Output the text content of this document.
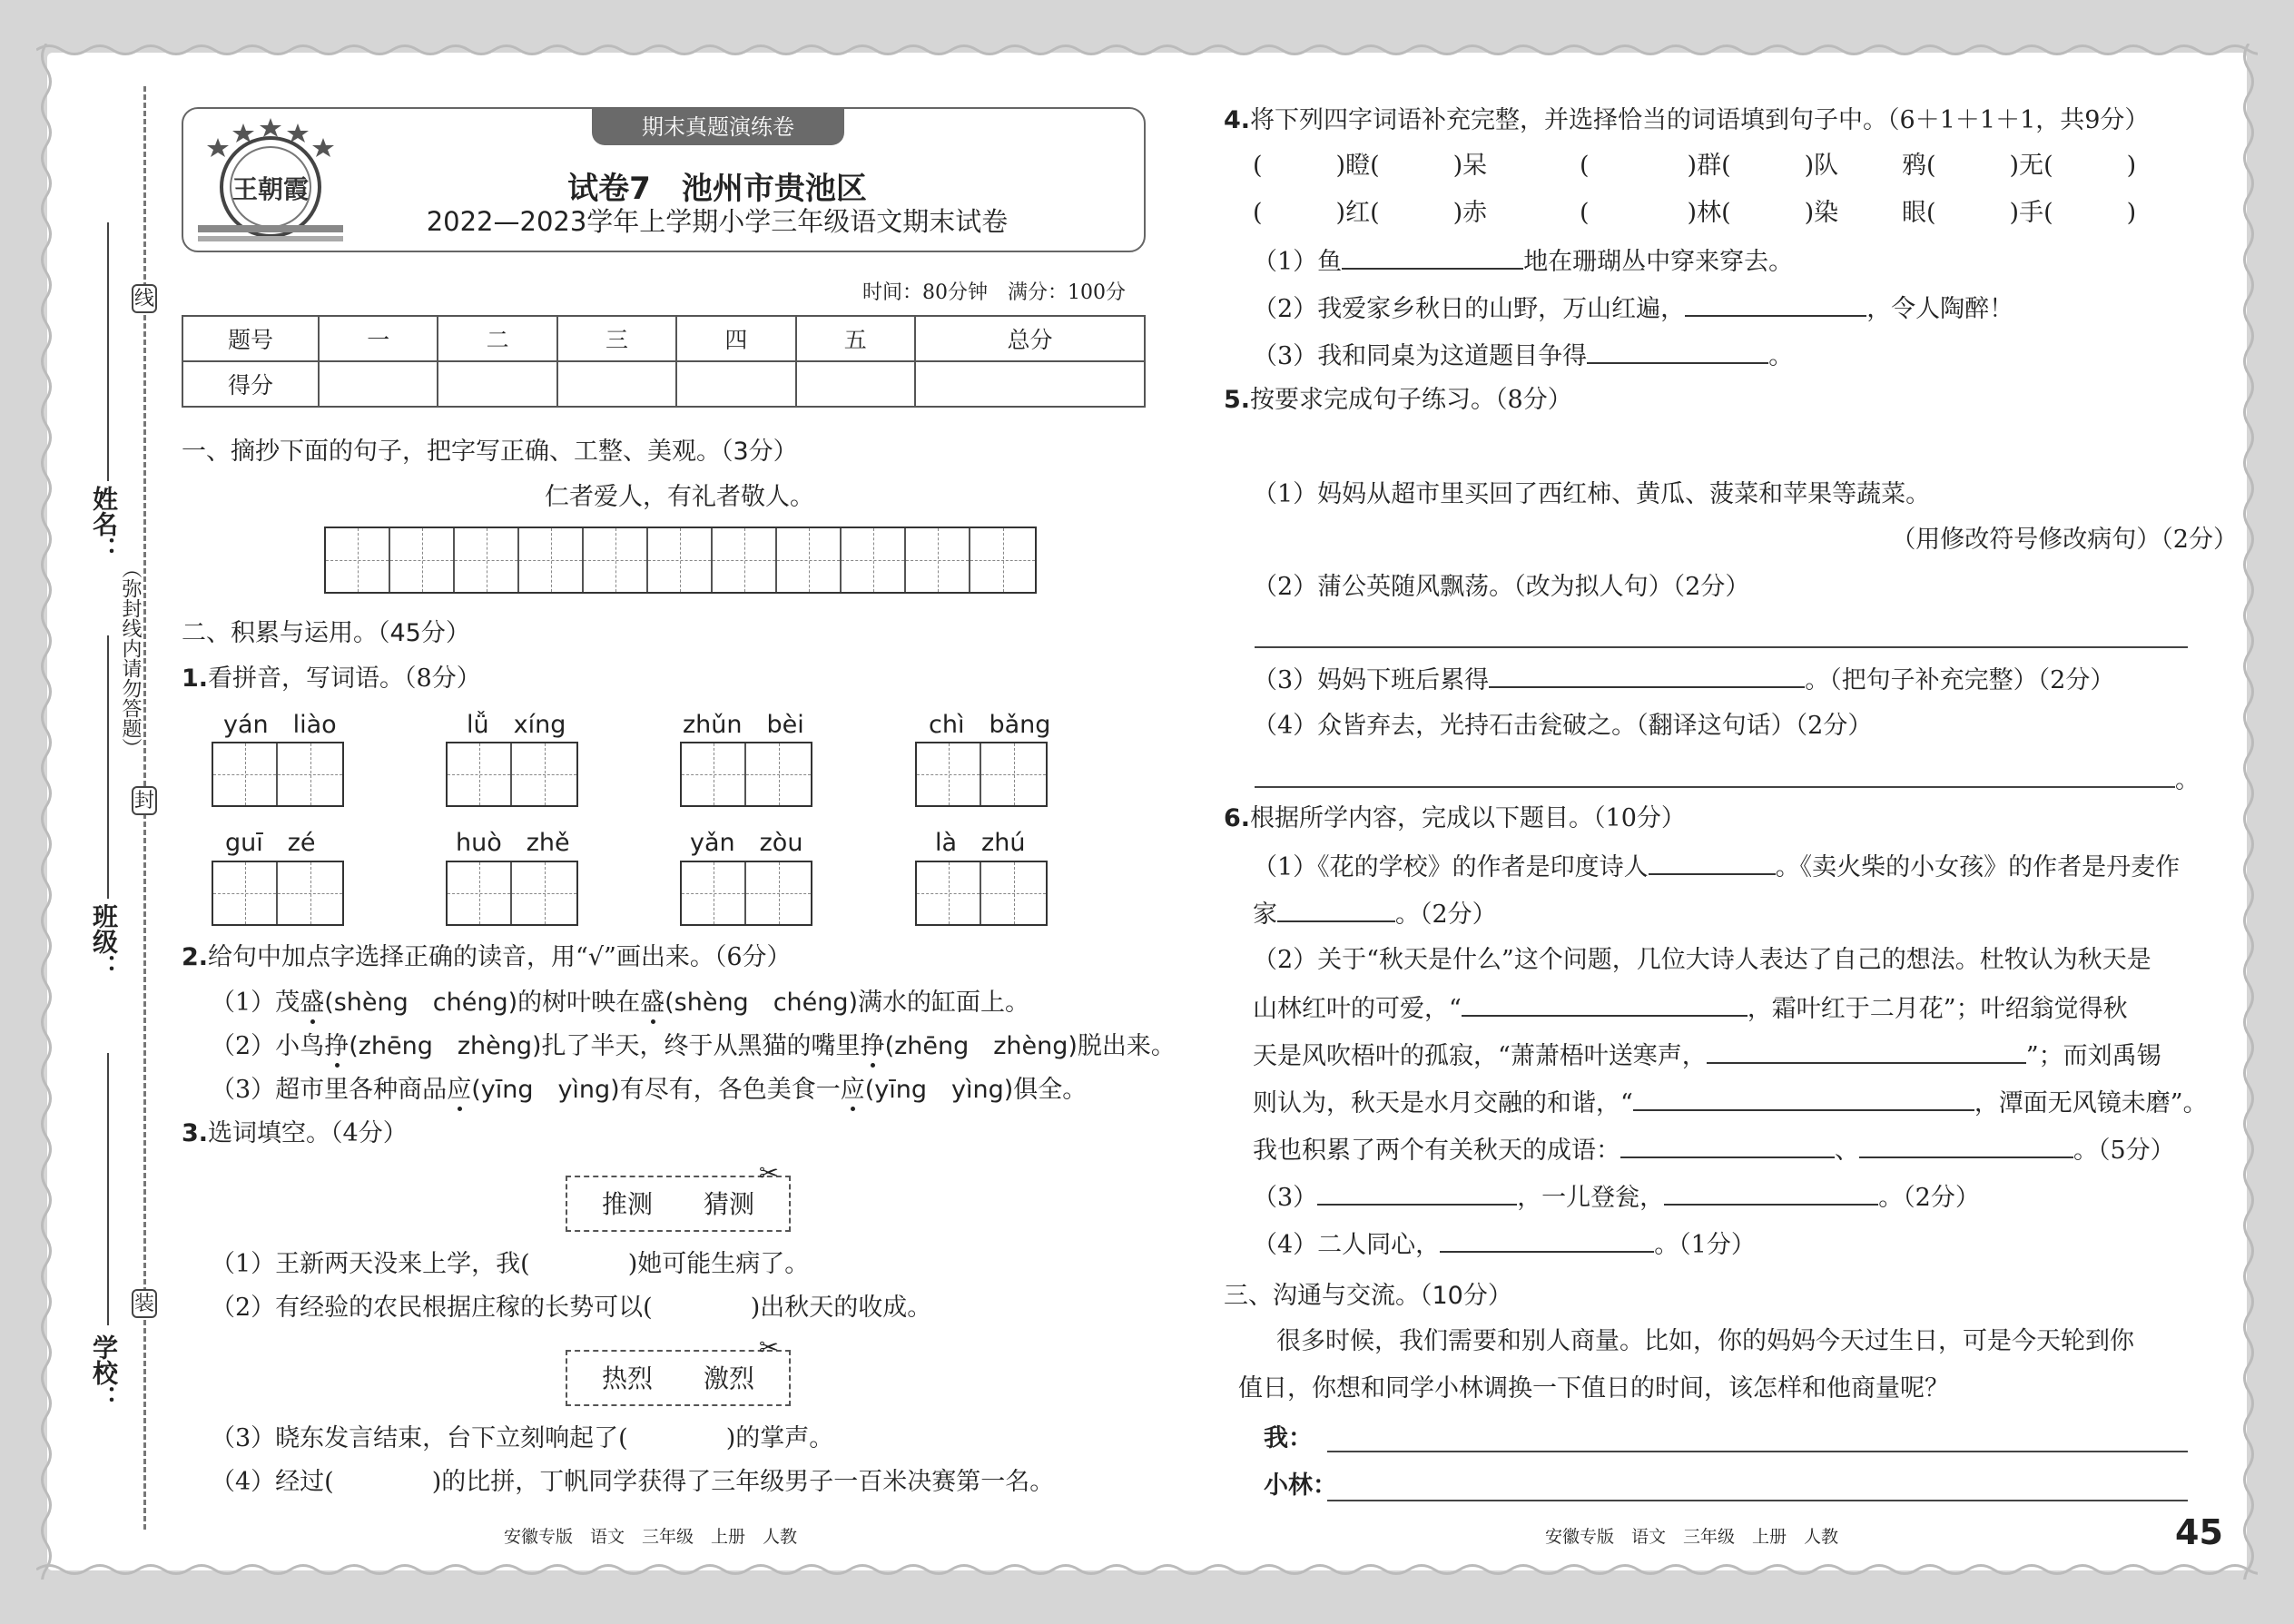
学校：
班级：
姓名：
装
封
线
（弥封线内请勿答题）
期末真题演练卷
王朝霞	试卷7　池州市贵池区
2022—2023学年上学期小学三年级语文期末试卷
时间：80分钟　满分：100分
题号	一	二	三	四	五	总分
得分						
一、摘抄下面的句子，把字写正确、工整、美观。（3分）
仁者爱人，有礼者敬人。
二、积累与运用。（45分）
1.看拼音，写词语。（8分）
yán　liào	lǚ　xíng	zhǔn　bèi	chì　bǎng
guī　zé	huò　zhě	yǎn　zòu	là　zhú
2.给句中加点字选择正确的读音，用“√”画出来。（6分）
（1）茂盛(shèng　chéng)的树叶映在盛(shèng　chéng)满水的缸面上。
（2）小鸟挣(zhēng　zhèng)扎了半天，终于从黑猫的嘴里挣(zhēng　zhèng)脱出来。
（3）超市里各种商品应(yīng　yìng)有尽有，各色美食一应(yīng　yìng)俱全。
3.选词填空。（4分）
推测　　猜测
✂
（1）王新两天没来上学，我(　　　　)她可能生病了。
（2）有经验的农民根据庄稼的长势可以(　　　　)出秋天的收成。
热烈　　激烈
✂
（3）晓东发言结束，台下立刻响起了(　　　　)的掌声。
（4）经过(　　　　)的比拼，丁帆同学获得了三年级男子一百米决赛第一名。
4.将下列四字词语补充完整，并选择恰当的词语填到句子中。（6＋1＋1＋1，共9分）
(　　　)瞪(　　　)呆	(　　　　)群(　　　)队	鸦(　　　)无(　　　)
(　　　)红(　　　)赤	(　　　　)林(　　　)染	眼(　　　)手(　　　)
（1）鱼	地在珊瑚丛中穿来穿去。
（2）我爱家乡秋日的山野，万山红遍，	，令人陶醉！
（3）我和同桌为这道题目争得	。
5.按要求完成句子练习。（8分）
（1）妈妈从超市里买回了西红柿、黄瓜、菠菜和苹果等蔬菜。
（用修改符号修改病句）（2分）
（2）蒲公英随风飘荡。（改为拟人句）（2分）
（3）妈妈下班后累得	。（把句子补充完整）（2分）
（4）众皆弃去，光持石击瓮破之。（翻译这句话）（2分）
。
6.根据所学内容，完成以下题目。（10分）
（1）《花的学校》的作者是印度诗人	。《卖火柴的小女孩》的作者是丹麦作
家	。（2分）
（2）关于“秋天是什么”这个问题，几位大诗人表达了自己的想法。杜牧认为秋天是
山林红叶的可爱，“	，霜叶红于二月花”；叶绍翁觉得秋
天是风吹梧叶的孤寂，“萧萧梧叶送寒声，	”；而刘禹锡
则认为，秋天是水月交融的和谐，“	，潭面无风镜未磨”。
我也积累了两个有关秋天的成语：	、	。（5分）
（3）	，一儿登瓮，	。（2分）
（4）二人同心，	。（1分）
三、沟通与交流。（10分）
很多时候，我们需要和别人商量。比如，你的妈妈今天过生日，可是今天轮到你
值日，你想和同学小林调换一下值日的时间，该怎样和他商量呢？
我：
小林：
安徽专版　语文　三年级　上册　人教	安徽专版　语文　三年级　上册　人教	45
